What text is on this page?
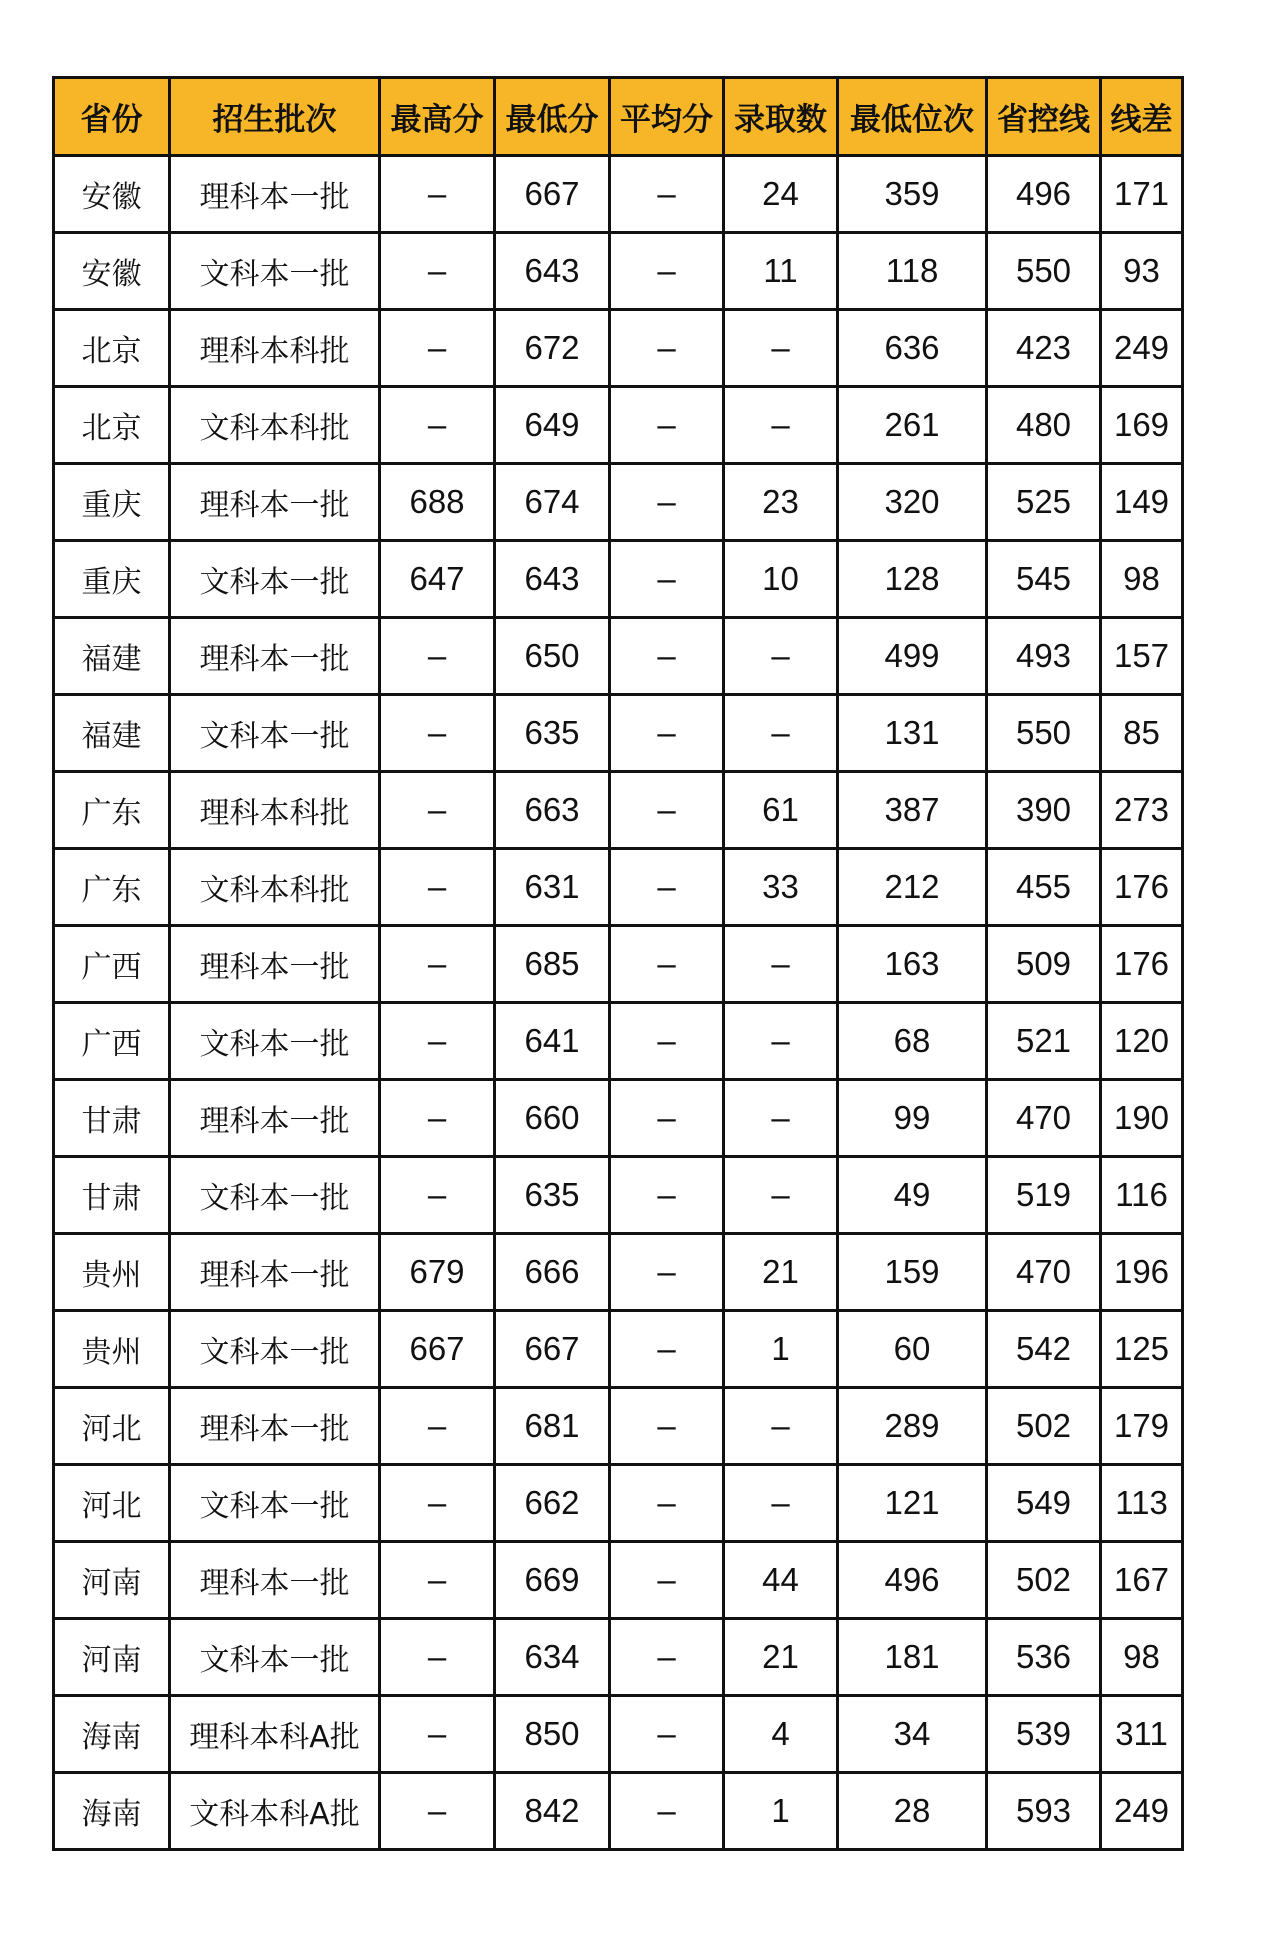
省份	招生批次	最高分	最低分	平均分	录取数	最低位次	省控线	线差
安徽	理科本一批	–	667	–	24	359	496	171
安徽	文科本一批	–	643	–	11	118	550	93
北京	理科本科批	–	672	–	–	636	423	249
北京	文科本科批	–	649	–	–	261	480	169
重庆	理科本一批	688	674	–	23	320	525	149
重庆	文科本一批	647	643	–	10	128	545	98
福建	理科本一批	–	650	–	–	499	493	157
福建	文科本一批	–	635	–	–	131	550	85
广东	理科本科批	–	663	–	61	387	390	273
广东	文科本科批	–	631	–	33	212	455	176
广西	理科本一批	–	685	–	–	163	509	176
广西	文科本一批	–	641	–	–	68	521	120
甘肃	理科本一批	–	660	–	–	99	470	190
甘肃	文科本一批	–	635	–	–	49	519	116
贵州	理科本一批	679	666	–	21	159	470	196
贵州	文科本一批	667	667	–	1	60	542	125
河北	理科本一批	–	681	–	–	289	502	179
河北	文科本一批	–	662	–	–	121	549	113
河南	理科本一批	–	669	–	44	496	502	167
河南	文科本一批	–	634	–	21	181	536	98
海南	理科本科A批	–	850	–	4	34	539	311
海南	文科本科A批	–	842	–	1	28	593	249
